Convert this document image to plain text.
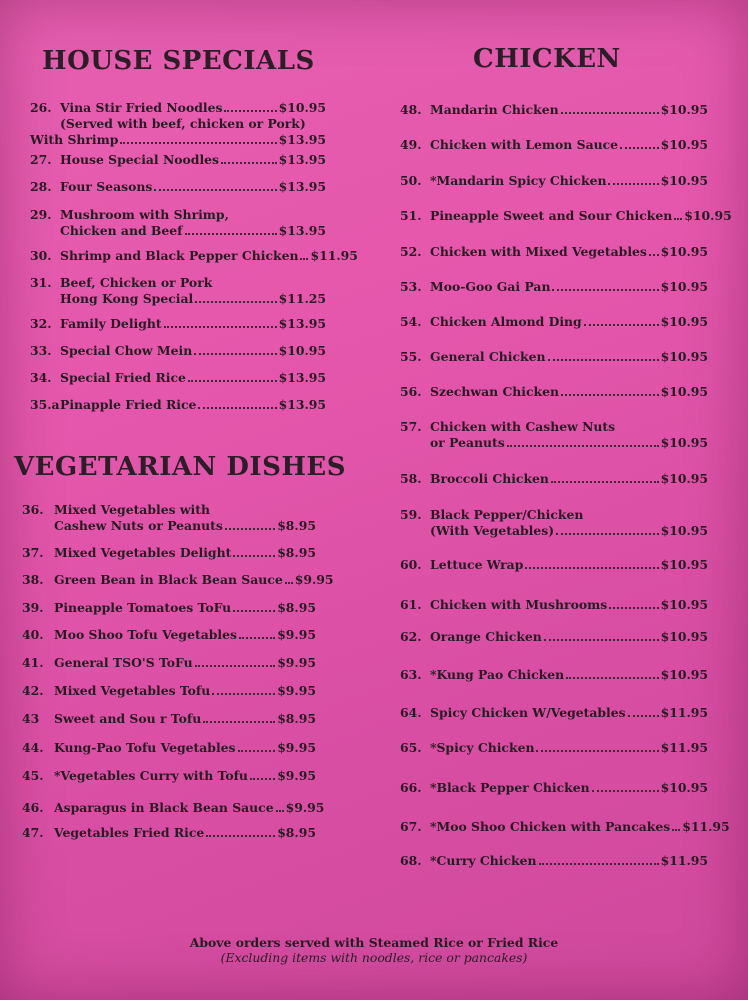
HOUSE SPECIALS	CHICKEN
VEGETARIAN DISHES
26. Vina Stir Fried Noodles	$10.95
(Served with beef, chicken or Pork)
With Shrimp	$13.95
27. House Special Noodles	$13.95
28. Four Seasons	$13.95
29. Mushroom with Shrimp,
Chicken and Beef	$13.95
30. Shrimp and Black Pepper Chicken $11.95
31. Beef, Chicken or Pork
Hong Kong Special	$11.25
32. Family Delight	$13.95
33. Special Chow Mein	$10.95
34. Special Fried Rice	$13.95
35.a Pinapple Fried Rice	$13.95
36. Mixed Vegetables with
Cashew Nuts or Peanuts	$8.95
37. Mixed Vegetables Delight	$8.95
38. Green Bean in Black Bean Sauce $9.95
39. Pineapple Tomatoes ToFu	$8.95
40. Moo Shoo Tofu Vegetables	$9.95
41. General TSO'S ToFu	$9.95
42. Mixed Vegetables Tofu	$9.95
43	Sweet and Sou r Tofu	$8.95
44. Kung-Pao Tofu Vegetables	$9.95
45. *Vegetables Curry with Tofu $9.95
46. Asparagus in Black Bean Sauce $9.95
47. Vegetables Fried Rice	$8.95
48. Mandarin Chicken	$10.95
49. Chicken with Lemon Sauce	$10.95
50. *Mandarin Spicy Chicken	$10.95
51. Pineapple Sweet and Sour Chicken $10.95
52. Chicken with Mixed Vegetables $10.95
53. Moo-Goo Gai Pan	$10.95
54. Chicken Almond Ding	$10.95
55. General Chicken	$10.95
56. Szechwan Chicken	$10.95
57. Chicken with Cashew Nuts
or Peanuts	$10.95
58. Broccoli Chicken	$10.95
59. Black Pepper/Chicken
(With Vegetables)	$10.95
60. Lettuce Wrap	$10.95
61. Chicken with Mushrooms	$10.95
62. Orange Chicken	$10.95
63. *Kung Pao Chicken	$10.95
64. Spicy Chicken W/Vegetables	$11.95
65. *Spicy Chicken	$11.95
66. *Black Pepper Chicken	$10.95
67. *Moo Shoo Chicken with Pancakes $11.95
68. *Curry Chicken	$11.95
Above orders served with Steamed Rice or Fried Rice
(Excluding items with noodles, rice or pancakes)
